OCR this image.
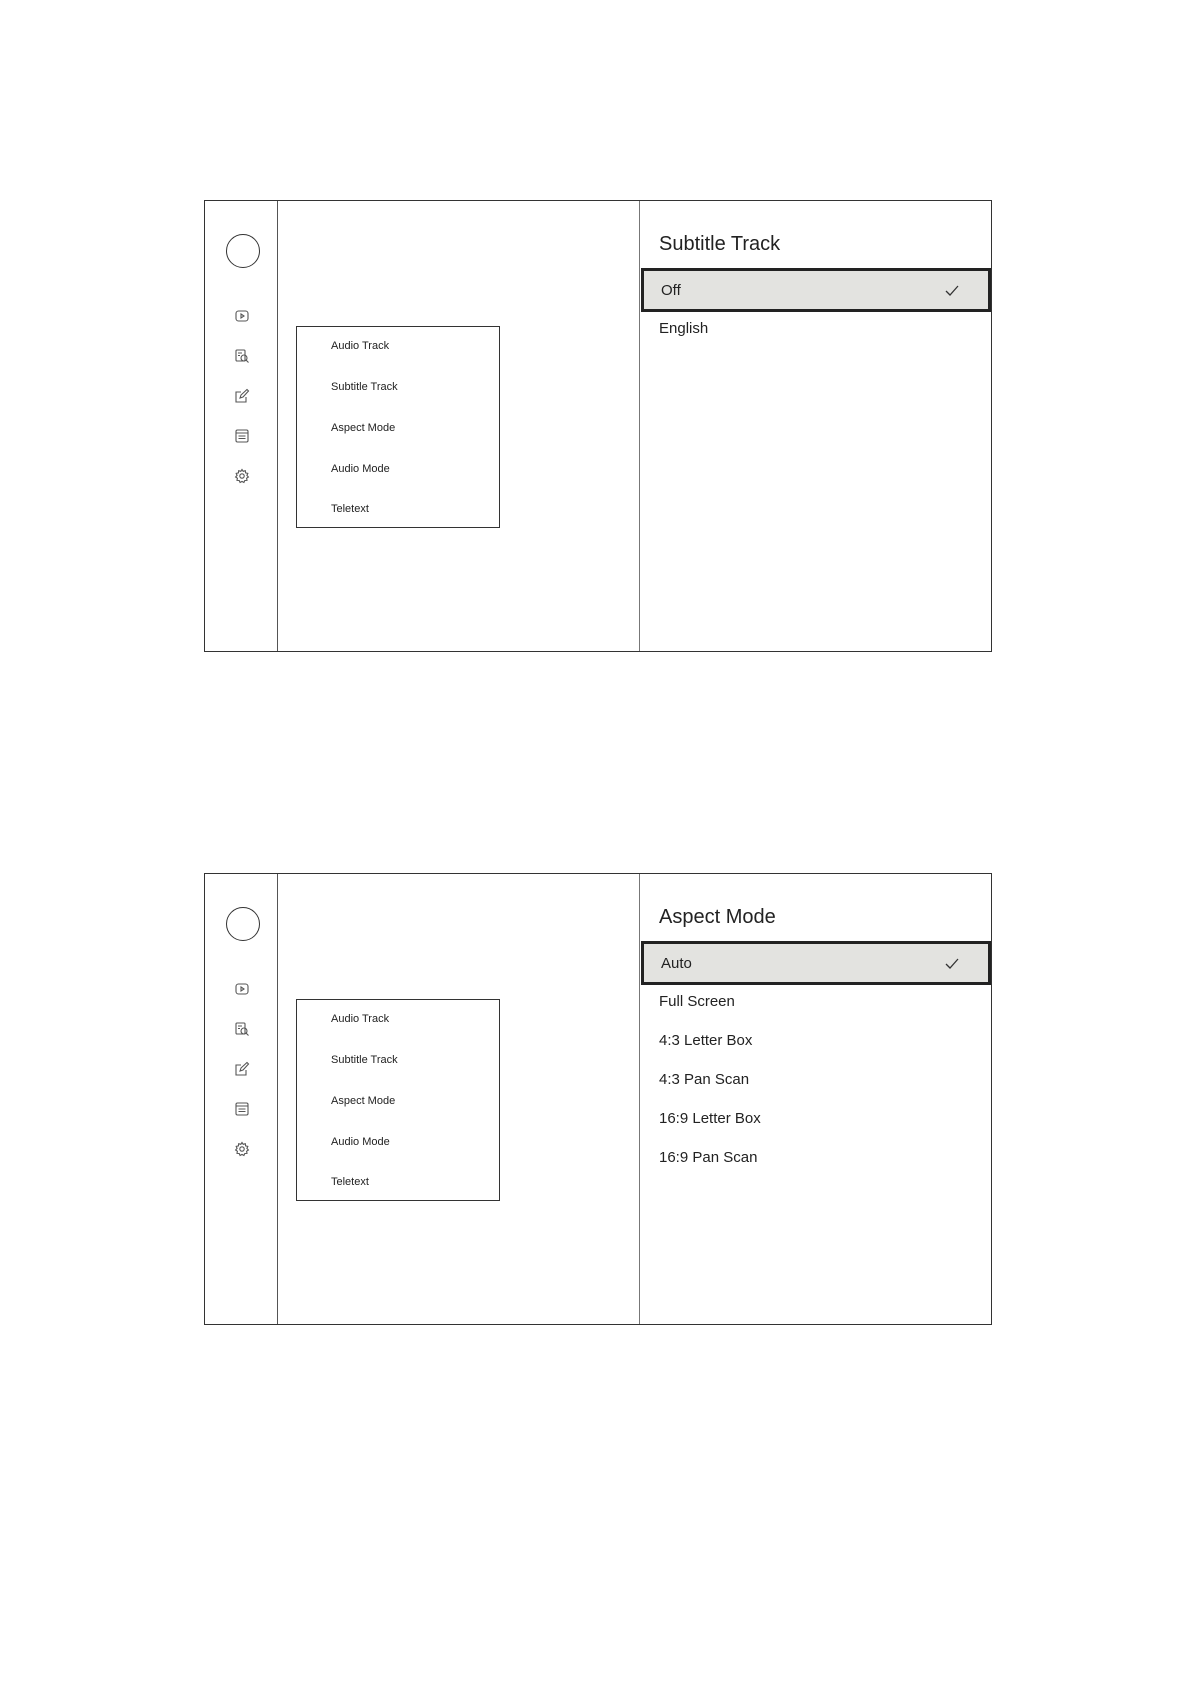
Audio Track
Subtitle Track
Aspect Mode
Audio Mode
Teletext
Subtitle Track
Off
English
Audio Track
Subtitle Track
Aspect Mode
Audio Mode
Teletext
Aspect Mode
Auto
Full Screen
4:3 Letter Box
4:3 Pan Scan
16:9 Letter Box
16:9 Pan Scan
